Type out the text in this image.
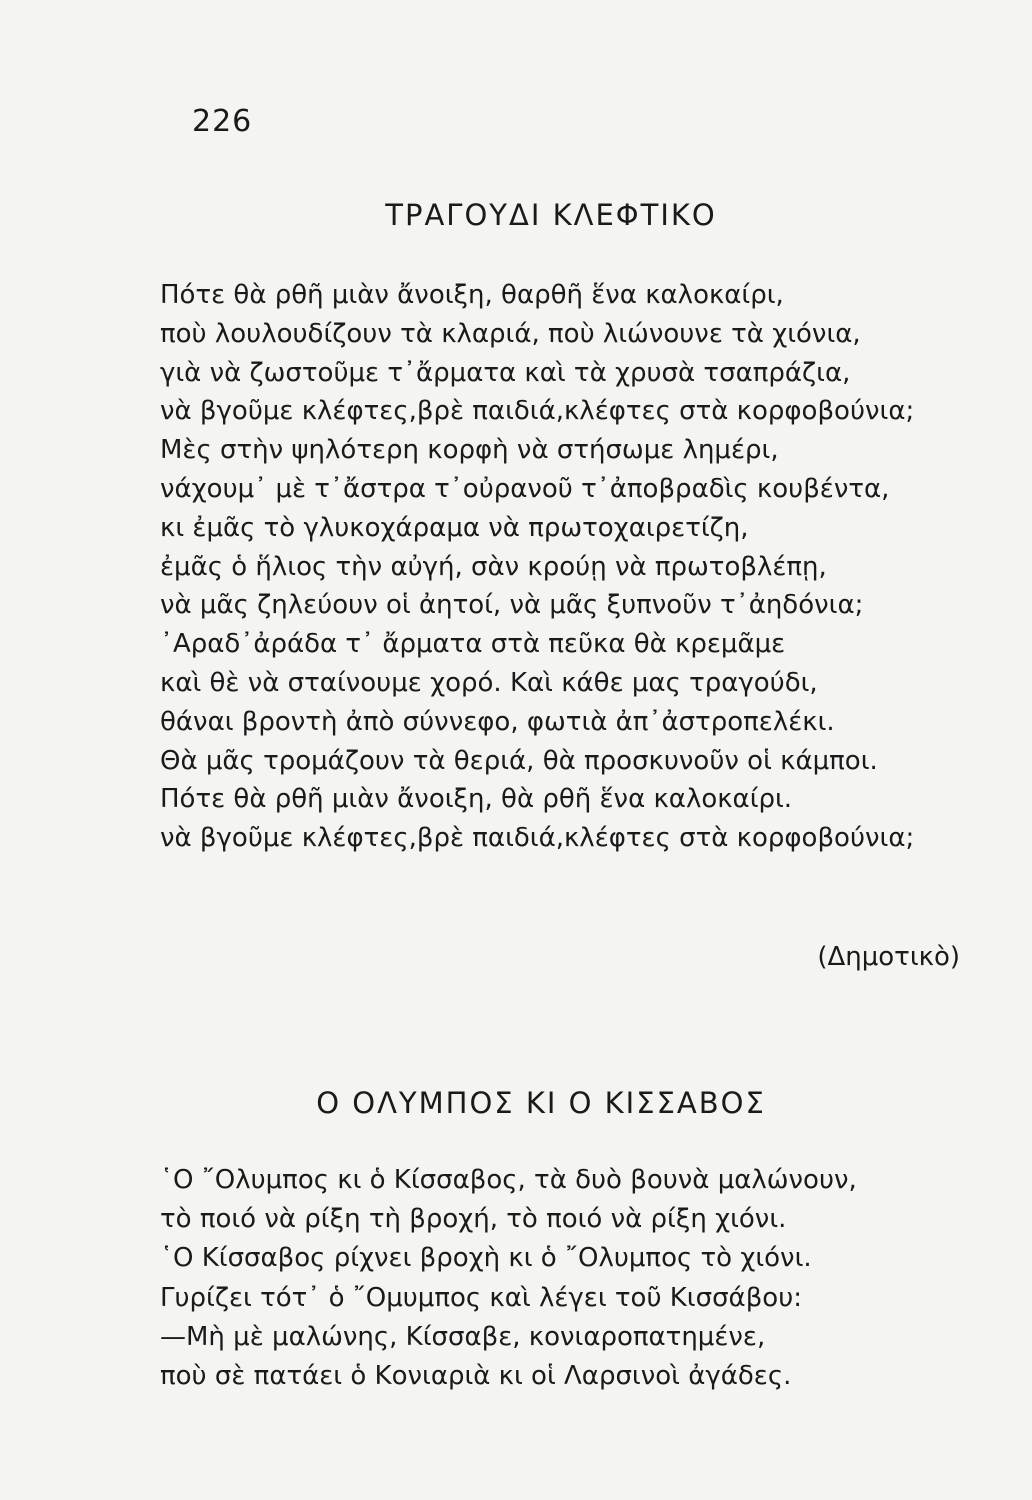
226
ΤΡΑΓΟΥΔΙ ΚΛΕΦΤΙΚΟ
Πότε θὰ ρθῆ μιὰν ἄνοιξη, θαρθῆ ἕνα καλοκαίρι,
ποὺ λουλουδίζουν τὰ κλαριά, ποὺ λιώνουνε τὰ χιόνια,
γιὰ νὰ ζωστοῦμε τ᾽ἄρματα καὶ τὰ χρυσὰ τσαπράζια,
νὰ βγοῦμε κλέφτες,βρὲ παιδιά,κλέφτες στὰ κορφοβούνια;
Μὲς στὴν ψηλότερη κορφὴ νὰ στήσωμε λημέρι,
νάχουμ᾽ μὲ τ᾽ἄστρα τ᾽οὐρανοῦ τ᾽ἀποβραδὶς κουβέντα,
κι ἐμᾶς τὸ γλυκοχάραμα νὰ πρωτοχαιρετίζη,
ἐμᾶς ὁ ἥλιος τὴν αὐγή, σὰν κρούῃ νὰ πρωτοβλέπῃ,
νὰ μᾶς ζηλεύουν οἱ ἀητοί, νὰ μᾶς ξυπνοῦν τ᾽ἀηδόνια;
᾽Αραδ᾽ἀράδα τ᾽ ἄρματα στὰ πεῦκα θὰ κρεμᾶμε
καὶ θὲ νὰ σταίνουμε χορό. Καὶ κάθε μας τραγούδι,
θάναι βροντὴ ἀπὸ σύννεφο, φωτιὰ ἀπ᾽ἀστροπελέκι.
Θὰ μᾶς τρομάζουν τὰ θεριά, θὰ προσκυνοῦν οἱ κάμποι.
Πότε θὰ ρθῆ μιὰν ἄνοιξη, θὰ ρθῆ ἕνα καλοκαίρι.
νὰ βγοῦμε κλέφτες,βρὲ παιδιά,κλέφτες στὰ κορφοβούνια;
(Δημοτικὸ)
Ο ΟΛΥΜΠΟΣ ΚΙ Ο ΚΙΣΣΑΒΟΣ
῾Ο ῎Ολυμπος κι ὁ Κίσσαβος, τὰ δυὸ βουνὰ μαλώνουν,
τὸ ποιό νὰ ρίξη τὴ βροχή, τὸ ποιό νὰ ρίξη χιόνι.
῾Ο Κίσσαβος ρίχνει βροχὴ κι ὁ ῎Ολυμπος τὸ χιόνι.
Γυρίζει τότ᾽ ὁ ῎Ομυμπος καὶ λέγει τοῦ Κισσάβου:
—Μὴ μὲ μαλώνης, Κίσσαβε, κονιαροπατημένε,
ποὺ σὲ πατάει ὁ Κονιαριὰ κι οἱ Λαρσινοὶ ἀγάδες.
